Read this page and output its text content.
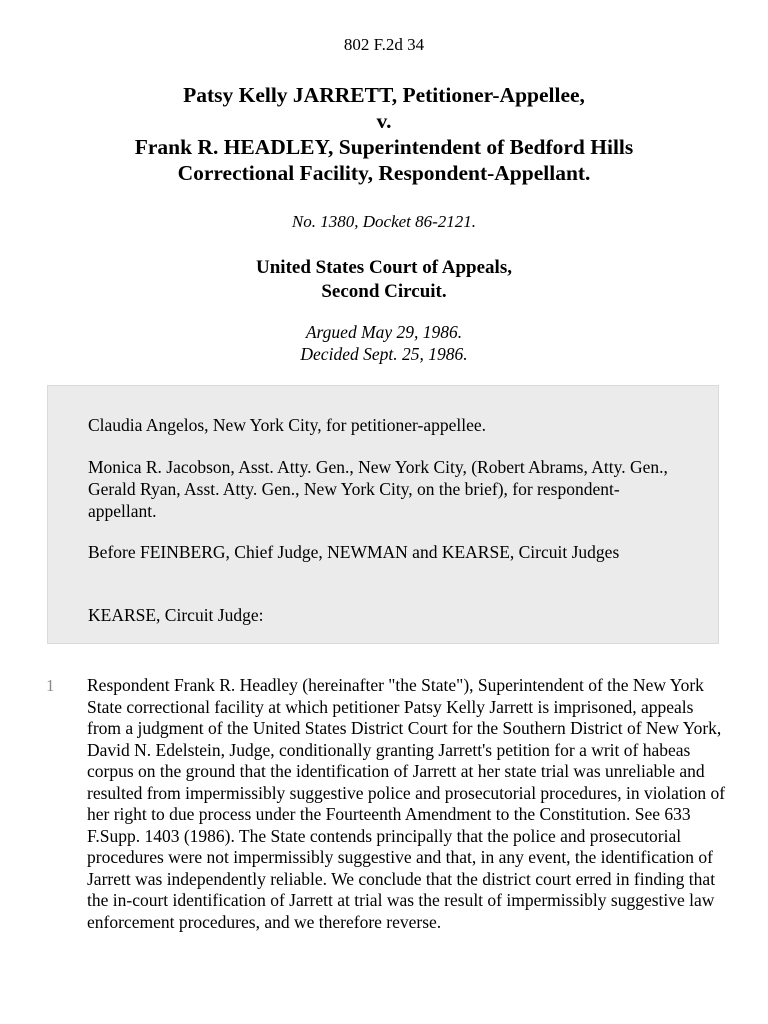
802 F.2d 34
Patsy Kelly JARRETT, Petitioner-Appellee,
v.
Frank R. HEADLEY, Superintendent of Bedford Hills
Correctional Facility, Respondent-Appellant.
No. 1380, Docket 86-2121.
United States Court of Appeals,
Second Circuit.
Argued May 29, 1986.
Decided Sept. 25, 1986.

Claudia Angelos, New York City, for petitioner-appellee.

Monica R. Jacobson, Asst. Atty. Gen., New York City, (Robert Abrams, Atty. Gen., Gerald Ryan, Asst. Atty. Gen., New York City, on the brief), for respondent-appellant.

Before FEINBERG, Chief Judge, NEWMAN and KEARSE, Circuit Judges

KEARSE, Circuit Judge:

1 Respondent Frank R. Headley (hereinafter "the State"), Superintendent of the New York State correctional facility at which petitioner Patsy Kelly Jarrett is imprisoned, appeals from a judgment of the United States District Court for the Southern District of New York, David N. Edelstein, Judge, conditionally granting Jarrett's petition for a writ of habeas corpus on the ground that the identification of Jarrett at her state trial was unreliable and resulted from impermissibly suggestive police and prosecutorial procedures, in violation of her right to due process under the Fourteenth Amendment to the Constitution. See 633 F.Supp. 1403 (1986). The State contends principally that the police and prosecutorial procedures were not impermissibly suggestive and that, in any event, the identification of Jarrett was independently reliable. We conclude that the district court erred in finding that the in-court identification of Jarrett at trial was the result of impermissibly suggestive law enforcement procedures, and we therefore reverse.
